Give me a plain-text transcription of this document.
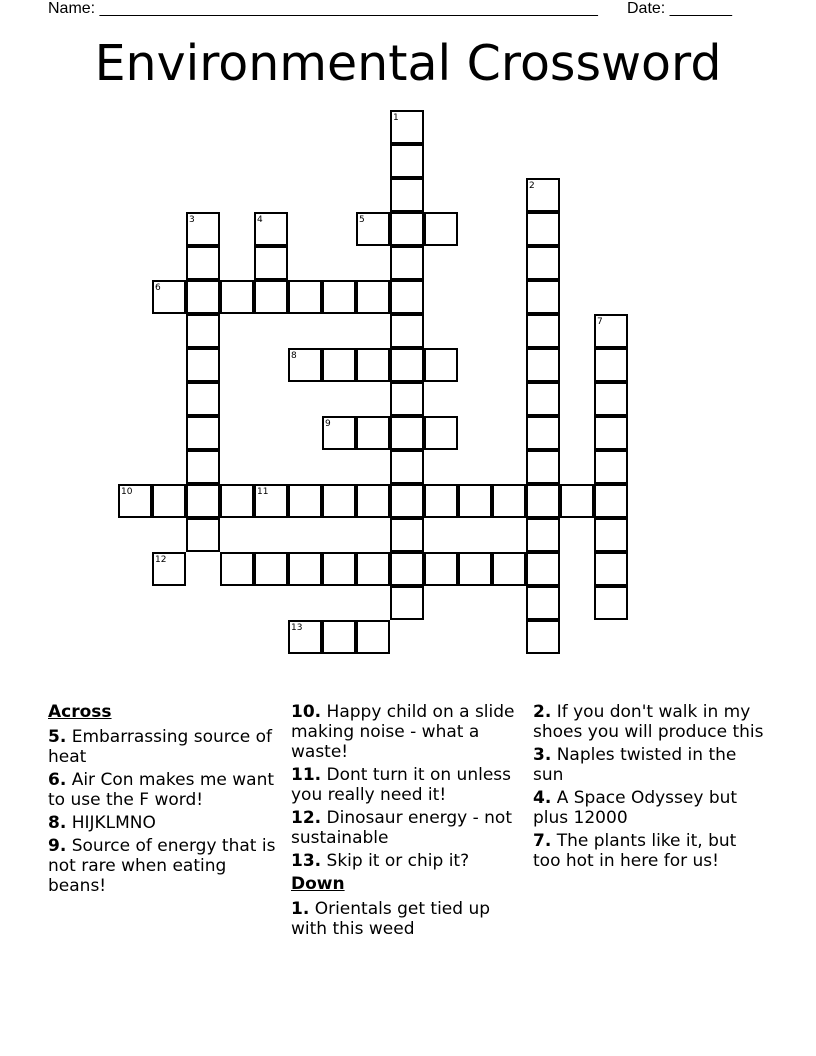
Name: ________________________________________________________ Date: _______
Environmental Crossword
1
2
3	4	5
6
7
8
9
10	11
12
13
Across
5. Embarrassing source of heat
6. Air Con makes me want to use the F word!
8. HIJKLMNO
9. Source of energy that is not rare when eating beans!
10. Happy child on a slide making noise - what a waste!
11. Dont turn it on unless you really need it!
12. Dinosaur energy - not sustainable
13. Skip it or chip it?
Down
1. Orientals get tied up with this weed
2. If you don't walk in my shoes you will produce this
3. Naples twisted in the sun
4. A Space Odyssey but plus 12000
7. The plants like it, but too hot in here for us!
